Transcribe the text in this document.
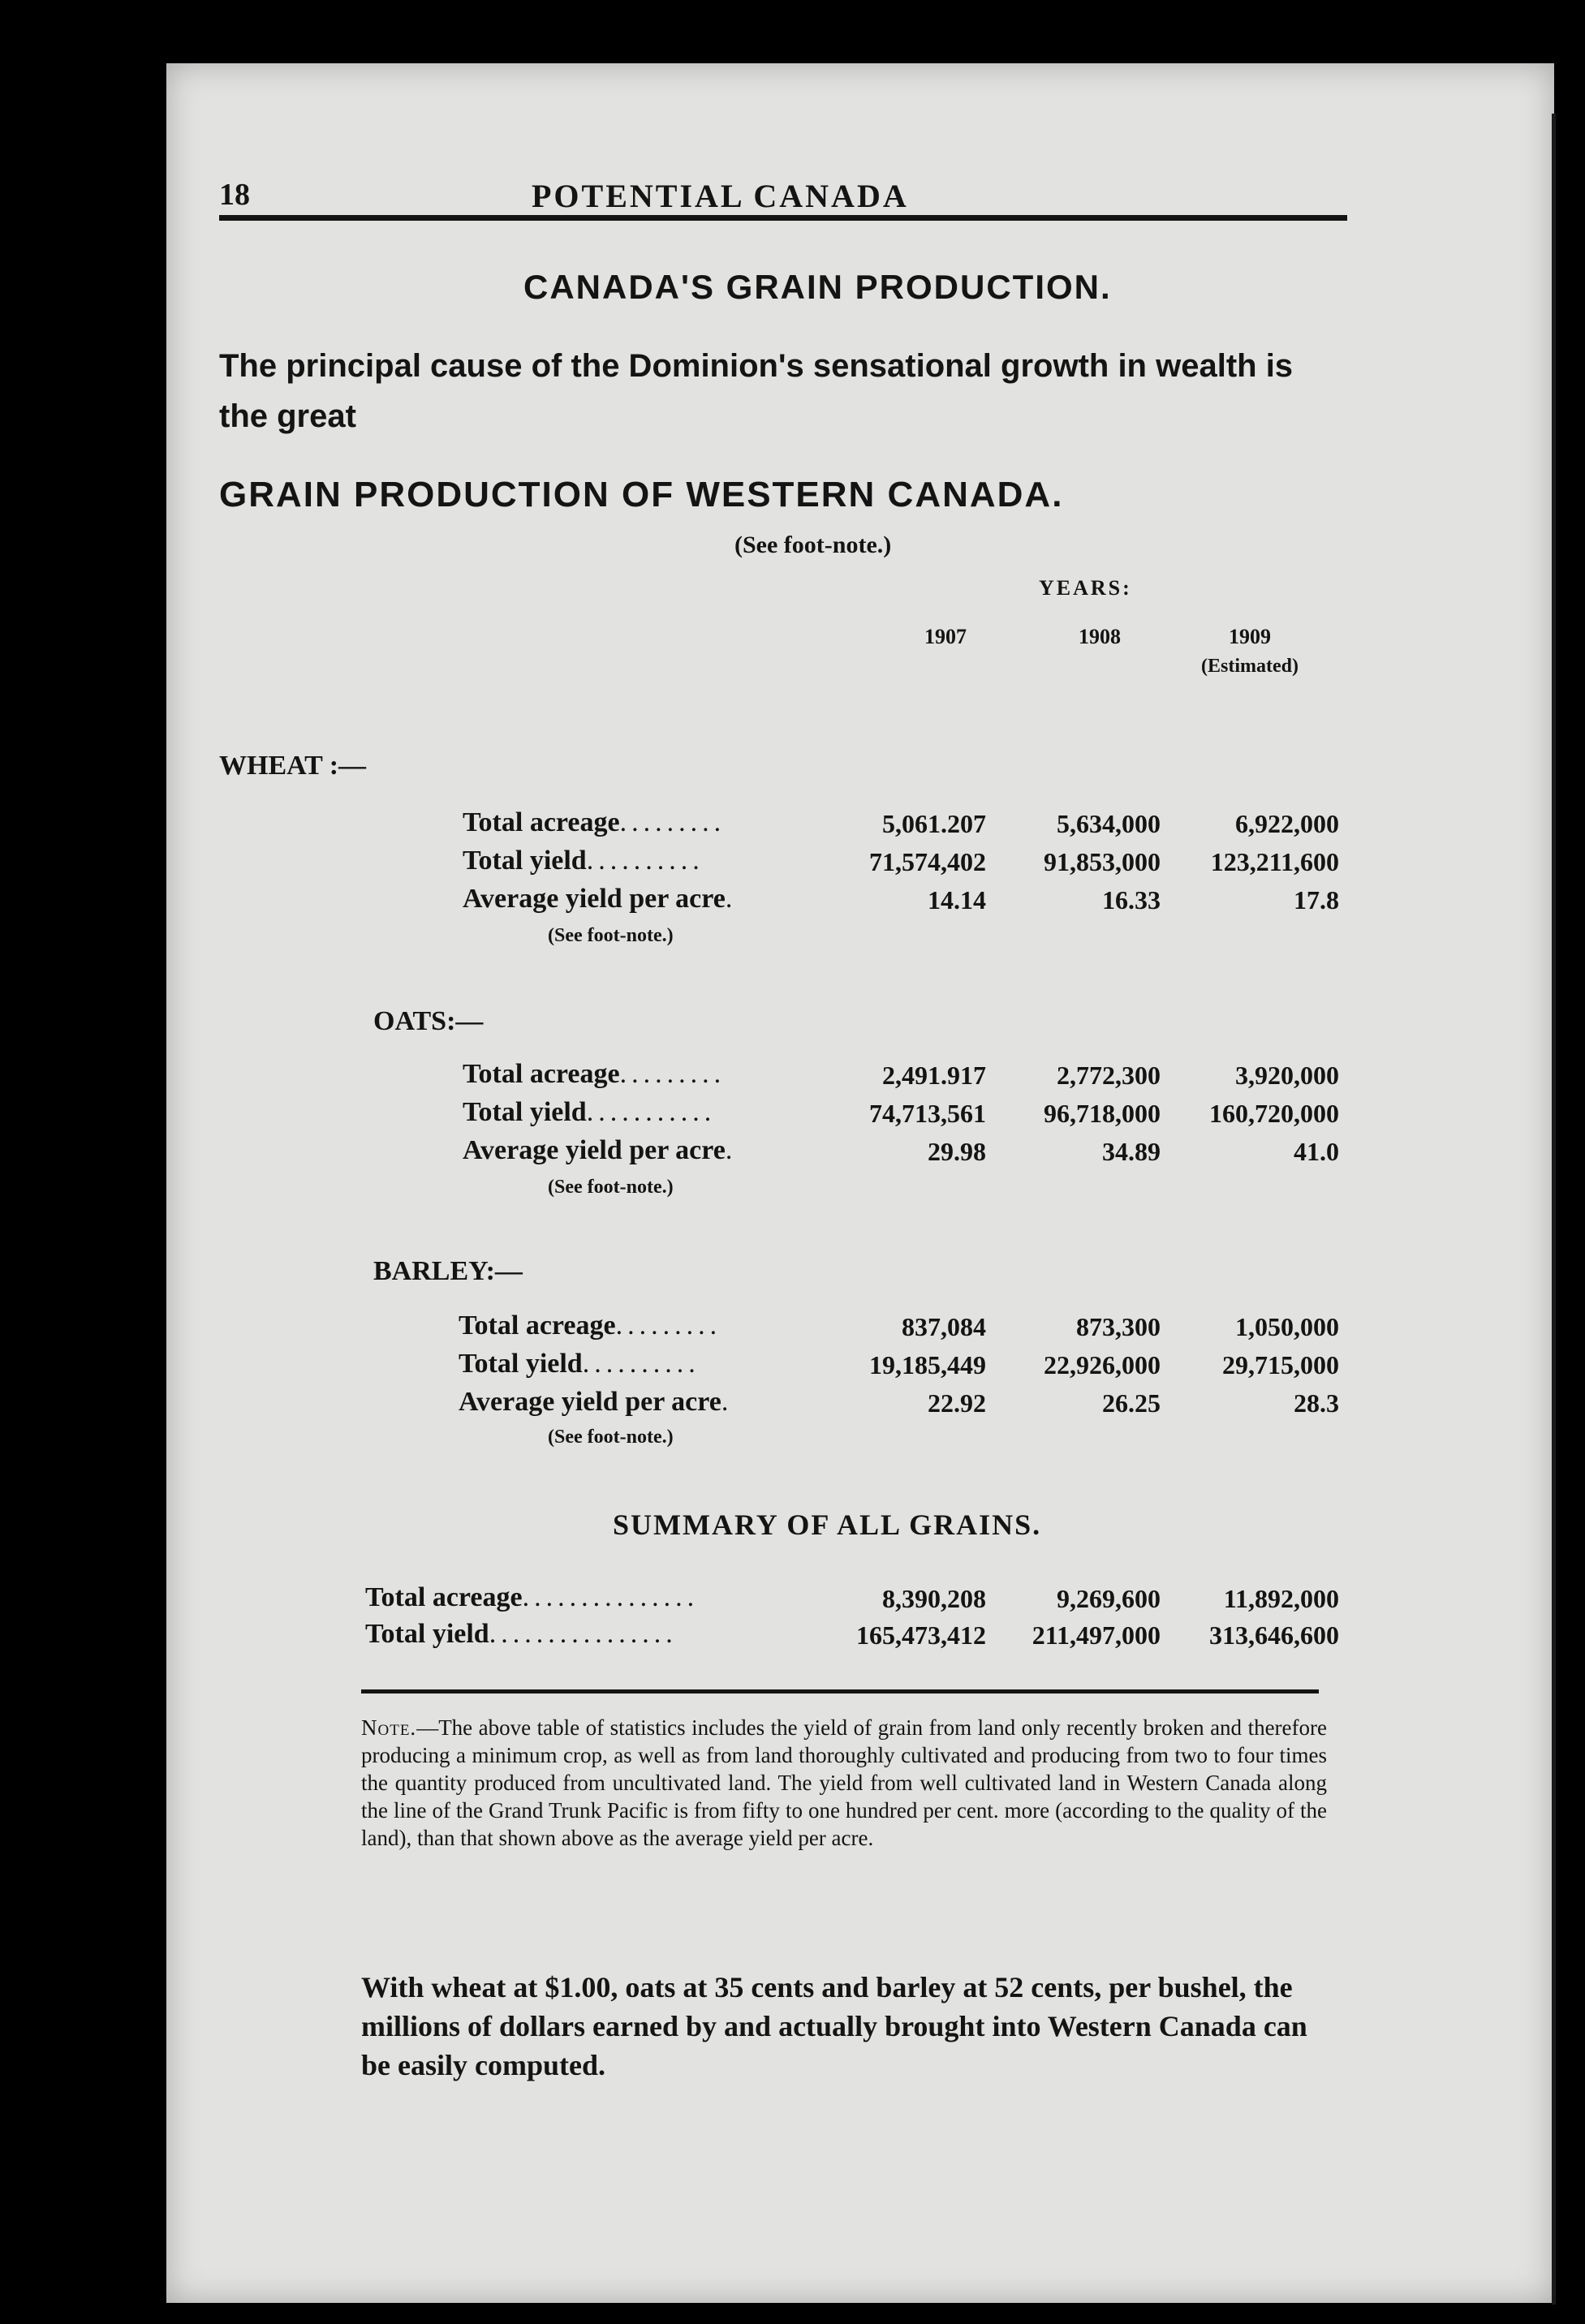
18	POTENTIAL CANADA
CANADA'S GRAIN PRODUCTION.
The principal cause of the Dominion's sensational growth in wealth is the great
GRAIN PRODUCTION OF WESTERN CANADA.
(See foot-note.)
YEARS:
1907	1908	1909
(Estimated)
WHEAT :—
Total acreage.........	5,061.207	5,634,000	6,922,000
Total yield..........	71,574,402	91,853,000	123,211,600
Average yield per acre.	14.14	16.33	17.8
(See foot-note.)
OATS:—
Total acreage.........	2,491.917	2,772,300	3,920,000
Total yield...........	74,713,561	96,718,000	160,720,000
Average yield per acre.	29.98	34.89	41.0
(See foot-note.)
BARLEY:—
Total acreage.........	837,084	873,300	1,050,000
Total yield..........	19,185,449	22,926,000	29,715,000
Average yield per acre.	22.92	26.25	28.3
(See foot-note.)
SUMMARY OF ALL GRAINS.
Total acreage...............	8,390,208	9,269,600	11,892,000
Total yield................	165,473,412	211,497,000	313,646,600
Note.—The above table of statistics includes the yield of grain from land only recently broken and therefore producing a minimum crop, as well as from land thoroughly cultivated and producing from two to four times the quantity produced from uncultivated land. The yield from well cultivated land in Western Canada along the line of the Grand Trunk Pacific is from fifty to one hundred per cent. more (according to the quality of the land), than that shown above as the average yield per acre.
With wheat at $1.00, oats at 35 cents and barley at 52 cents, per bushel, the millions of dollars earned by and actually brought into Western Canada can be easily computed.
